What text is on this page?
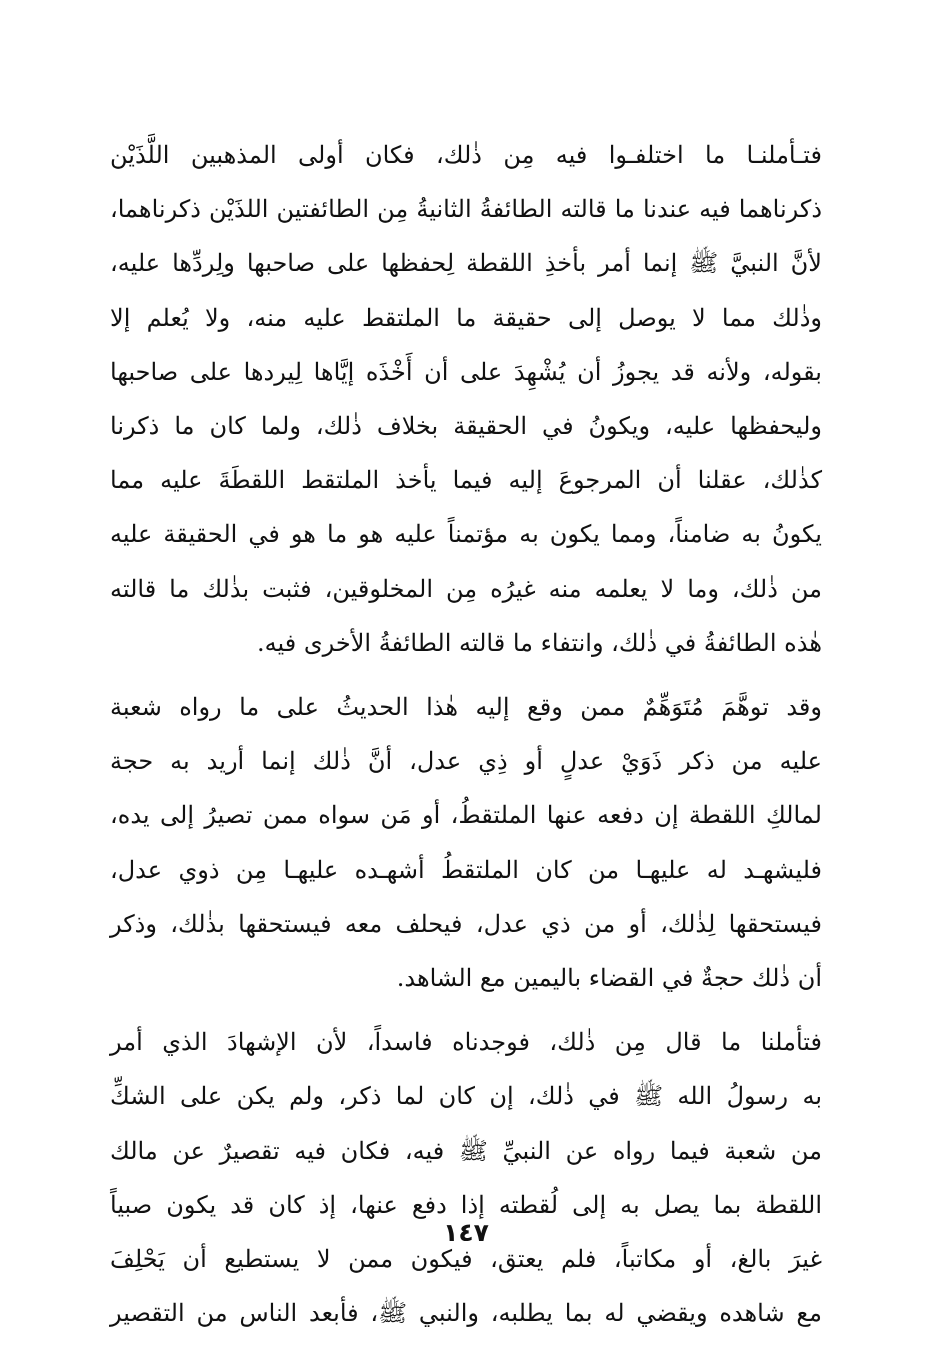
فتـأملنـا ما اختلفـوا فيه مِن ذٰلك، فكان أولى المذهبين اللَّذَيْن
ذكرناهما فيه عندنا ما قالته الطائفةُ الثانيةُ مِن الطائفتين اللذَيْن ذكرناهما،
لأنَّ النبيَّ ﷺ إنما أمر بأخذِ اللقطة لِحفظها على صاحبها ولِردِّها عليه،
وذٰلك مما لا يوصل إلى حقيقة ما الملتقط عليه منه، ولا يُعلم إلا
بقوله، ولأنه قد يجوزُ أن يُشْهِدَ على أن أَخْذَه إيَّاها لِيردها على صاحبها
وليحفظها عليه، ويكونُ في الحقيقة بخلاف ذٰلك، ولما كان ما ذكرنا
كذٰلك، عقلنا أن المرجوعَ إليه فيما يأخذ الملتقط اللقطَةَ عليه مما
يكونُ به ضامناً، ومما يكون به مؤتمناً عليه هو ما هو في الحقيقة عليه
من ذٰلك، وما لا يعلمه منه غيرُه مِن المخلوقين، فثبت بذٰلك ما قالته
هٰذه الطائفةُ في ذٰلك، وانتفاء ما قالته الطائفةُ الأخرى فيه.

وقد توهَّمَ مُتَوَهِّمٌ ممن وقع إليه هٰذا الحديثُ على ما رواه شعبة
عليه من ذكر ذَوَيْ عدلٍ أو ذِي عدل، أنَّ ذٰلك إنما أريد به حجة
لمالكِ اللقطة إن دفعه عنها الملتقطُ، أو مَن سواه ممن تصيرُ إلى يده،
فليشهـد له عليهـا من كان الملتقطُ أشهـده عليهـا مِن ذوي عدل،
فيستحقها لِذٰلك، أو من ذي عدل، فيحلف معه فيستحقها بذٰلك، وذكر
أن ذٰلك حجةٌ في القضاء باليمين مع الشاهد.

فتأملنا ما قال مِن ذٰلك، فوجدناه فاسداً، لأن الإشهادَ الذي أمر
به رسولُ الله ﷺ في ذٰلك، إن كان لما ذكر، ولم يكن على الشكِّ
من شعبة فيما رواه عن النبيِّ ﷺ فيه، فكان فيه تقصيرٌ عن مالك
اللقطة بما يصل به إلى لُقطته إذا دفع عنها، إذ كان قد يكون صبياً
غيرَ بالغ، أو مكاتباً، فلم يعتق، فيكون ممن لا يستطيع أن يَحْلِفَ
مع شاهده ويقضي له بما يطلبه، والنبي ﷺ، فأبعد الناس من التقصير

١٤٧
